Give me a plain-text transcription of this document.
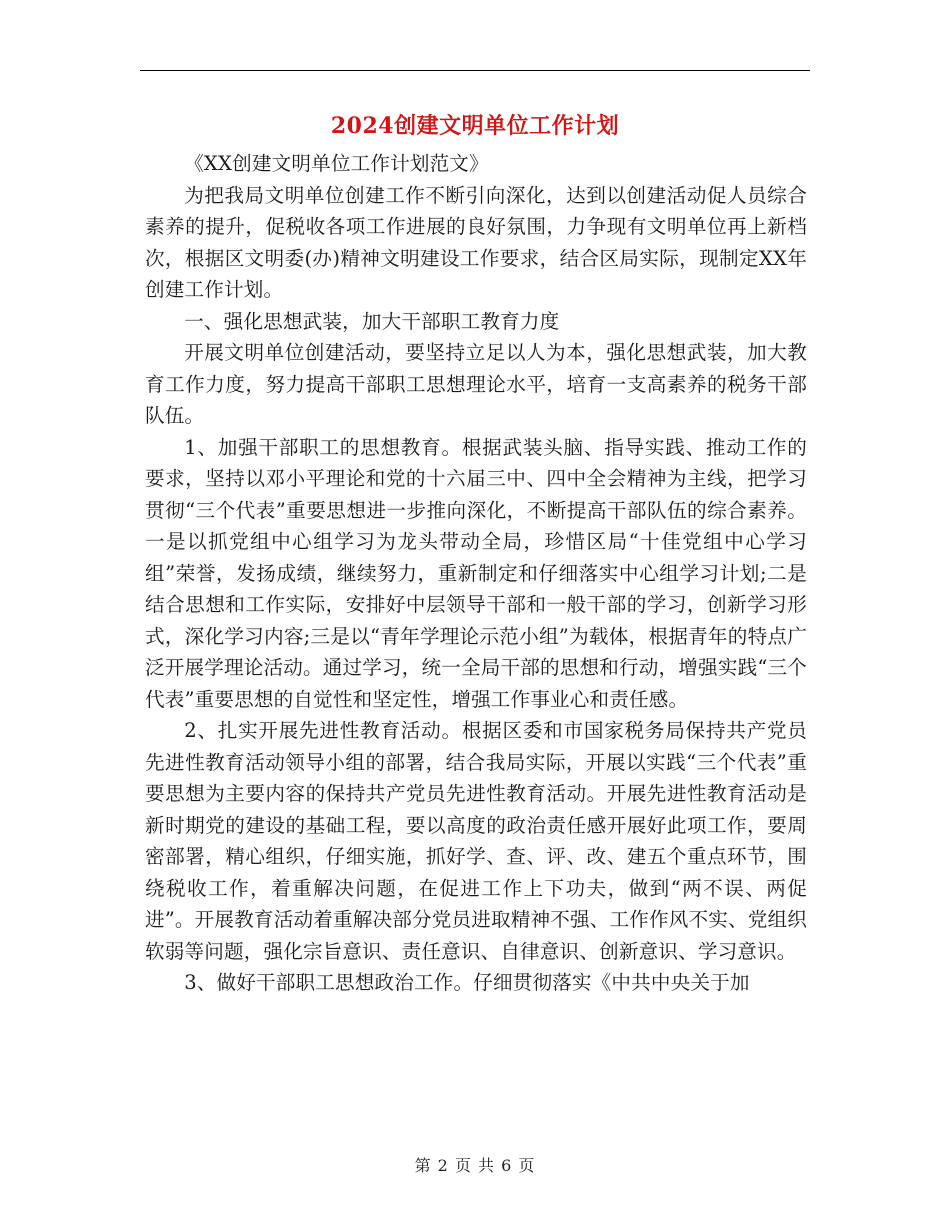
2024创建文明单位工作计划

《XX创建文明单位工作计划范文》

为把我局文明单位创建工作不断引向深化，达到以创建活动促人员综合素养的提升，促税收各项工作进展的良好氛围，力争现有文明单位再上新档次，根据区文明委(办)精神文明建设工作要求，结合区局实际，现制定XX年创建工作计划。

一、强化思想武装，加大干部职工教育力度

开展文明单位创建活动，要坚持立足以人为本，强化思想武装，加大教育工作力度，努力提高干部职工思想理论水平，培育一支高素养的税务干部队伍。

1、加强干部职工的思想教育。根据武装头脑、指导实践、推动工作的要求，坚持以邓小平理论和党的十六届三中、四中全会精神为主线，把学习贯彻“三个代表”重要思想进一步推向深化，不断提高干部队伍的综合素养。一是以抓党组中心组学习为龙头带动全局，珍惜区局“十佳党组中心学习组”荣誉，发扬成绩，继续努力，重新制定和仔细落实中心组学习计划;二是结合思想和工作实际，安排好中层领导干部和一般干部的学习，创新学习形式，深化学习内容;三是以“青年学理论示范小组”为载体，根据青年的特点广泛开展学理论活动。通过学习，统一全局干部的思想和行动，增强实践“三个代表”重要思想的自觉性和坚定性，增强工作事业心和责任感。

2、扎实开展先进性教育活动。根据区委和市国家税务局保持共产党员先进性教育活动领导小组的部署，结合我局实际，开展以实践“三个代表”重要思想为主要内容的保持共产党员先进性教育活动。开展先进性教育活动是新时期党的建设的基础工程，要以高度的政治责任感开展好此项工作，要周密部署，精心组织，仔细实施，抓好学、查、评、改、建五个重点环节，围绕税收工作，着重解决问题，在促进工作上下功夫，做到“两不误、两促进”。开展教育活动着重解决部分党员进取精神不强、工作作风不实、党组织软弱等问题，强化宗旨意识、责任意识、自律意识、创新意识、学习意识。

3、做好干部职工思想政治工作。仔细贯彻落实《中共中央关于加

第 2 页 共 6 页
